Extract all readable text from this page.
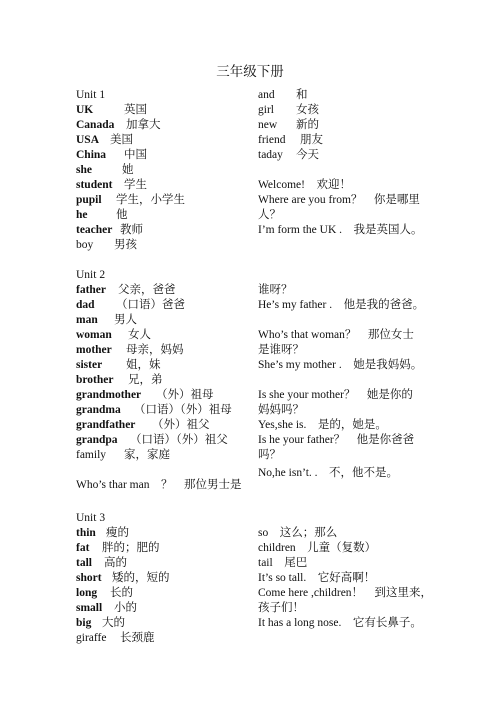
三年级下册
Unit 1
UK	英国
Canada 加拿大
USA 美国
China 中国
she	她
student 学生
pupil 学生，小学生
he 他
teacher 教师
boy 男孩
and 和
girl 女孩
new 新的
friend 朋友
taday 今天
Welcome!　欢迎！
Where are you from？　你是哪里
人？
I’m form the UK .　我是英国人。
Unit 2
father 父亲，爸爸
dad （口语）爸爸
man 男人
woman 女人
mother 母亲，妈妈
sister 姐，妹
brother 兄，弟
grandmother （外）祖母
grandma （口语）（外）祖母
grandfather （外）祖父
grandpa （口语）（外）祖父
family 家，家庭
Who’s thar man　？　那位男士是
谁呀？
He’s my father .　他是我的爸爸。
Who’s that woman？　那位女士
是谁呀？
She’s my mother .　她是我妈妈。
Is she your mother？　她是你的
妈妈吗？
Yes,she is.　是的，她是。
Is he your father？　他是你爸爸
吗？
No,he isn’t. .　不，他不是。
Unit 3
thin 瘦的
fat 胖的；肥的
tall 高的
short 矮的，短的
long 长的
small 小的
big 大的
giraffe 长颈鹿
so　这么；那么
children　儿童（复数）
tail　尾巴
It’s so tall.　它好高啊！
Come here ,children！　到这里来，
孩子们！
It has a long nose.　它有长鼻子。
